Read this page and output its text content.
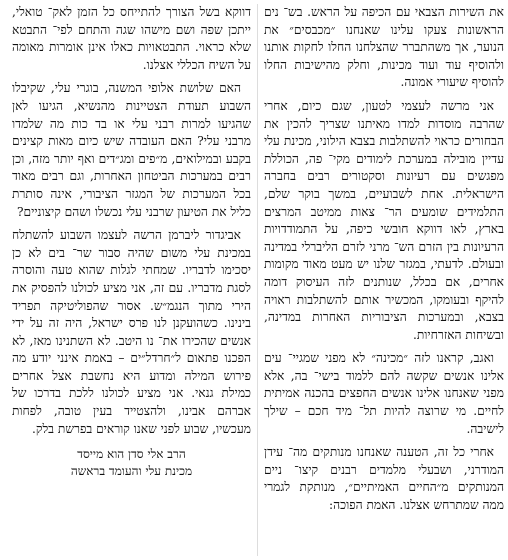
את השירות הצבאי עם הכיפה על הראש. בש־ נים הראשונות צעקו עלינו שאנחנו ״מכבסים״ את הנוער, אך משהתברר שהצלחנו החלו לחקות אותנו ולהוסיף עוד ועוד מכינות, וחלק מהישיבות החלו להוסיף שיעורי אמונה.

אני מרשה לעצמי לטעון, שגם כיום, אחרי שהרבה מוסדות למדו מאיתנו שצריך להכין את הבחורים כראוי להשתלבות בצבא הילוני, מכינת עלי עדיין מובילה במערכת לימודים מקי־ פה, הכוללת מפגשים עם רעיונות וסקטורים רבים בחברה הישראלית. אחת לשבועיים, במשך בוקר שלם, התלמידים שומעים הר־ צאות ממיטב המרצים בארץ, לאו דווקא חובשי כיפה, על התמודדויות הרעיונות בין הזרם הש־ מרני לזרם הליברלי במדינה ובעולם. לדעתי, במגזר שלנו יש מעט מאוד מקומות אחרים, אם בכלל, שנותנים לזה העיסוק דומה להיקף ובעומקו, המכשיר אותם להשתלבות ראויה בצבא, ובמערכות הציבוריות האחרות במדינה, ובשיחות האזרחיות.

ואגב, קראנו לזה ״מכינה״ לא מפני שמגיי־ עים אלינו אנשים שקשה להם ללמוד בישי־ בה, אלא מפני שאנחנו אלינו אנשים החפצים בהכנה אמיתית לחיים. מי שרוצה להיות תל־ מיד חכם – שילך לישיבה.

אחרי כל זה, הטענה שאנחנו מנותקים מה־ עידן המודרני, ושבעלי מלמדים רבנים קיצו־ ניים המנותקים מ״החיים האמיתיים״, מנותקת לגמרי ממה שמתרחש אצלנו. האמת הפוכה:

דווקא בשל הצורך להתייחס כל הזמן לאק־ טואלי, ייתכן שפה ושם מישהו שגה והתחם לפי־ התבטא שלא כראוי. התבטאויות כאלו אינן אומרות מאומה על השיח הכללי אצלנו.

האם שלושת אלופי המשנה, בוגרי עלי, שקיבלו השבוע תעודת הצטיינות מהנשיא, הגיעו לאן שהגיעו למרות רבני עלי או בד כות מה שלמדו מרבני עלי? האם העובדה שיש כיום מאות קצינים בקבע ובמילואים, מ״פים ומג״דים ואף יותר מזה, וכן רבים במערכות הביטחון האחרות, וגם רבים מאוד בכל המערכות של המגזר הציבורי, אינה סותרת כליל את הטיעון שרבני עלי נכשלו ושהם קיצוניים?

אביגדור ליברמן הרשה לעצמו השבוע להשתלח במכינת עלי משום שהיה סבור שר־ בים לא כן יסכימו לדבריו. שמחתי לגלות שהוא טעה והוסרה לסגת מדבריו. עם זה, אני מציע לכולנו להפסיק את הירי מתוך הנגמ״ש. אסור שהפוליטיקה תפריד בינינו. כשהועקנן לנו פרס ישראל, היה זה על ידי אנשים שהכירו את־ נו היטב. לא השתנינו מאז, לא הפכנו פתאום ל״חרדל״ים – באמת אינני יודע מה פירוש המילה ומדוע היא נחשבת אצל אחרים כמילת גנאי. אני מציע לכולנו ללכת בדרכו של אברהם אבינו, ולהצטייד בעין טובה, לפחות מעכשיו, שבוע לפני שאנו קוראים בפרשת בלק.

הרב אלי סדן הוא מייסד
מכינת עלי והעומד בראשה
